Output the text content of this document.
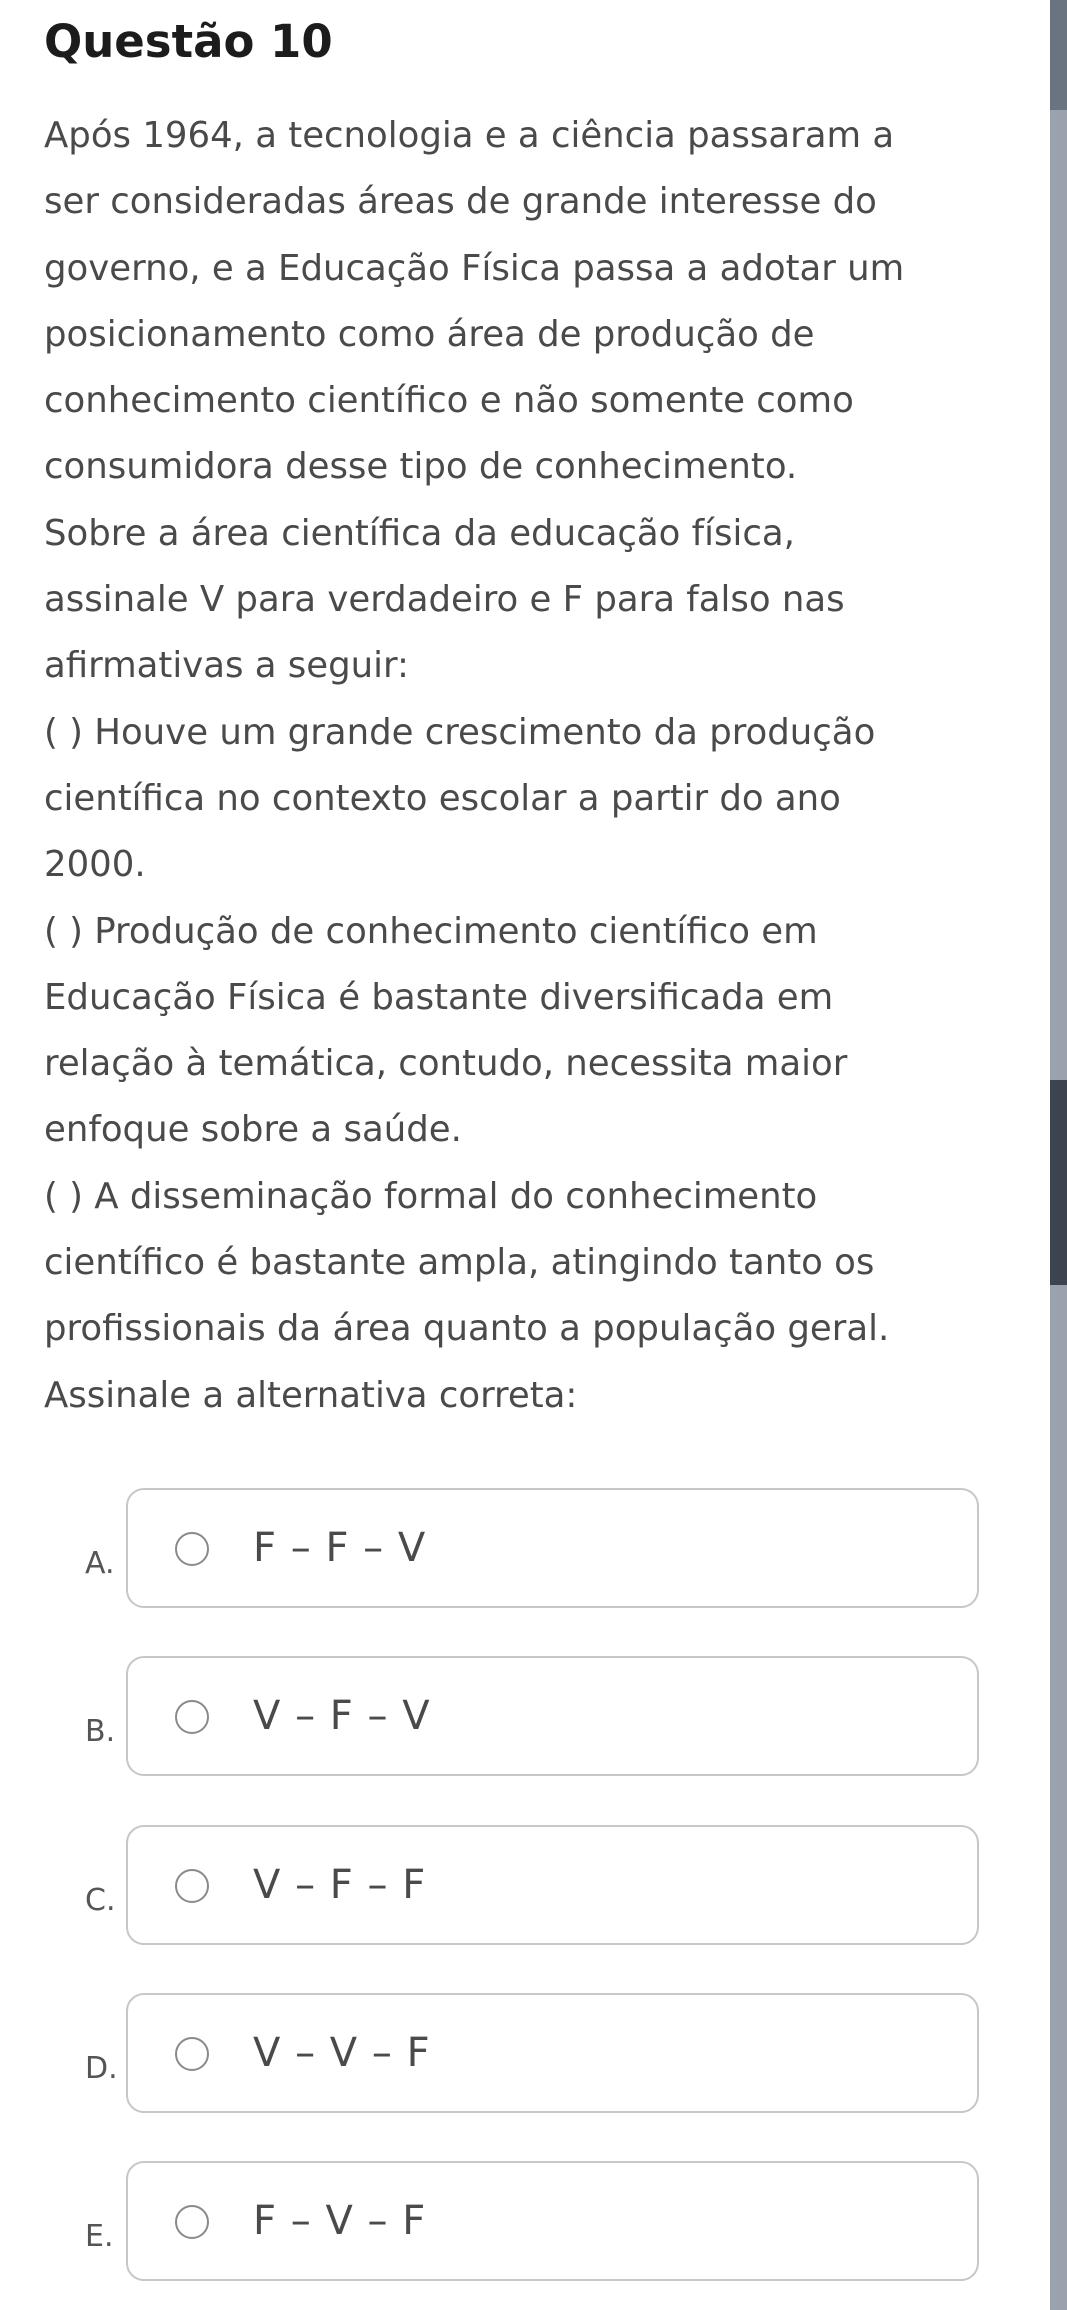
Questão 10
Após 1964, a tecnologia e a ciência passaram a
ser consideradas áreas de grande interesse do
governo, e a Educação Física passa a adotar um
posicionamento como área de produção de
conhecimento científico e não somente como
consumidora desse tipo de conhecimento.
Sobre a área científica da educação física,
assinale V para verdadeiro e F para falso nas
afirmativas a seguir:
( ) Houve um grande crescimento da produção
científica no contexto escolar a partir do ano
2000.
( ) Produção de conhecimento científico em
Educação Física é bastante diversificada em
relação à temática, contudo, necessita maior
enfoque sobre a saúde.
( ) A disseminação formal do conhecimento
científico é bastante ampla, atingindo tanto os
profissionais da área quanto a população geral.
Assinale a alternativa correta:
A.	F – F – V
B.	V – F – V
C.	V – F – F
D.	V – V – F
E.	F – V – F
